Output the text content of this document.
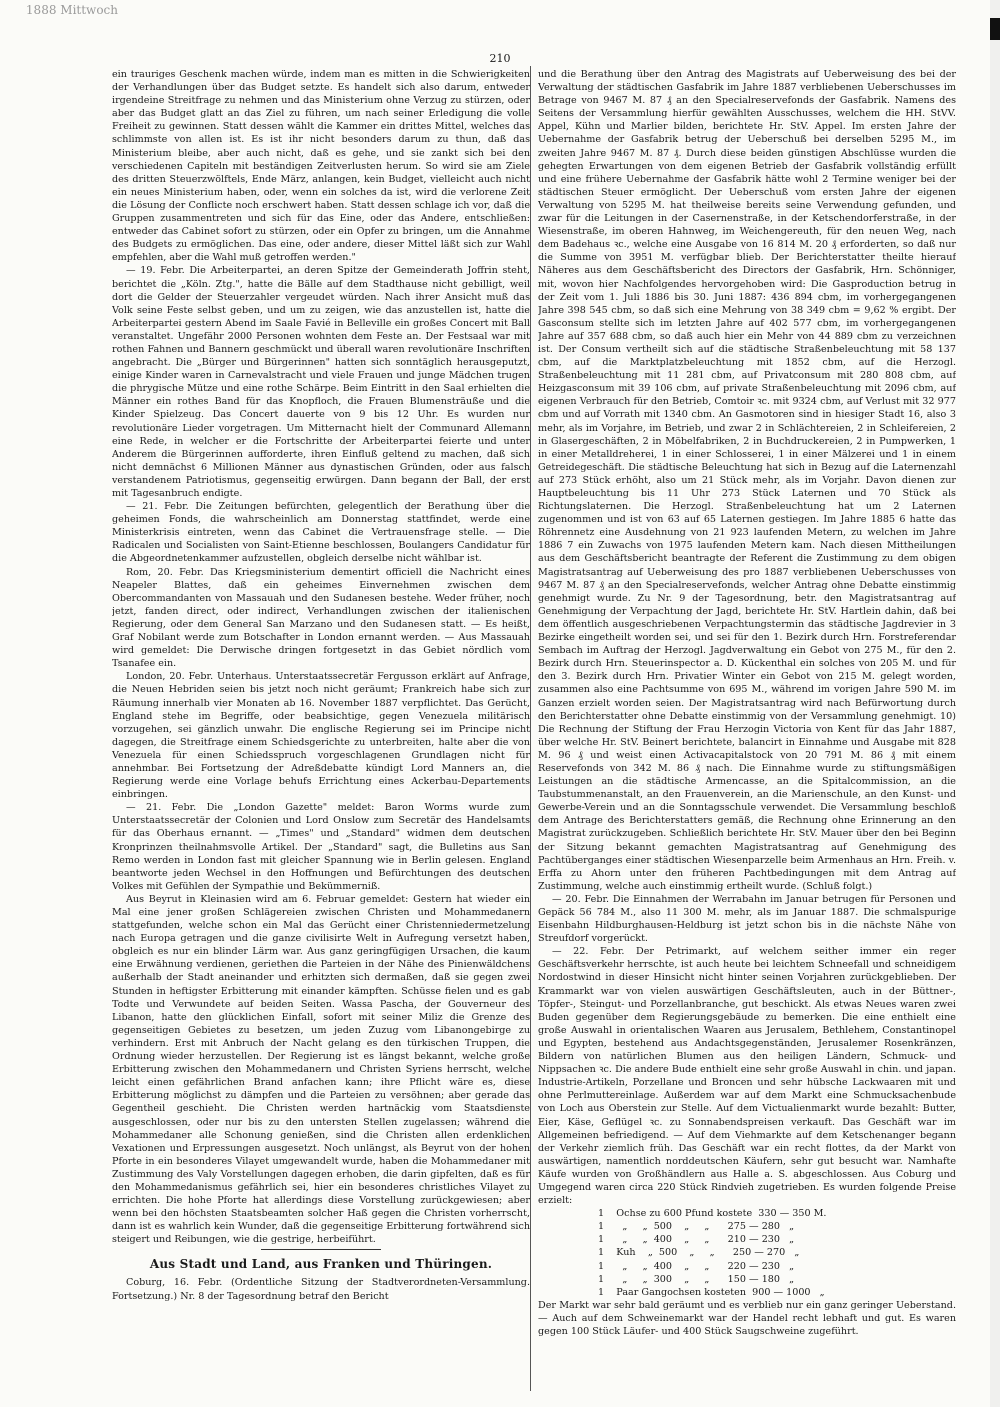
1888 Mittwoch
210

ein trauriges Geschenk machen würde, indem man es mitten in die Schwierigkeiten der Verhandlungen über das Budget setzte. Es handelt sich also darum, entweder irgendeine Streitfrage zu nehmen und das Ministerium ohne Verzug zu stürzen, oder aber das Budget glatt an das Ziel zu führen, um nach seiner Erledigung die volle Freiheit zu gewinnen. Statt dessen wählt die Kammer ein drittes Mittel, welches das schlimmste von allen ist. Es ist ihr nicht besonders darum zu thun, daß das Ministerium bleibe, aber auch nicht, daß es gehe, und sie zankt sich bei den verschiedenen Capiteln mit beständigen Zeitverlusten herum. So wird sie am Ziele des dritten Steuerzwölftels, Ende März, anlangen, kein Budget, vielleicht auch nicht ein neues Ministerium haben, oder, wenn ein solches da ist, wird die verlorene Zeit die Lösung der Conflicte noch erschwert haben. Statt dessen schlage ich vor, daß die Gruppen zusammentreten und sich für das Eine, oder das Andere, entschließen: entweder das Cabinet sofort zu stürzen, oder ein Opfer zu bringen, um die Annahme des Budgets zu ermöglichen. Das eine, oder andere, dieser Mittel läßt sich zur Wahl empfehlen, aber die Wahl muß getroffen werden."

— 19. Febr. Die Arbeiterpartei, an deren Spitze der Gemeinderath Joffrin steht, berichtet die „Köln. Ztg.", hatte die Bälle auf dem Stadthause nicht gebilligt, weil dort die Gelder der Steuerzahler vergeudet würden. Nach ihrer Ansicht muß das Volk seine Feste selbst geben, und um zu zeigen, wie das anzustellen ist, hatte die Arbeiterpartei gestern Abend im Saale Favié in Belleville ein großes Concert mit Ball veranstaltet. Ungefähr 2000 Personen wohnten dem Feste an. Der Festsaal war mit rothen Fahnen und Bannern geschmückt und überall waren revolutionäre Inschriften angebracht. Die „Bürger und Bürgerinnen" hatten sich sonntäglich herausgeputzt, einige Kinder waren in Carnevalstracht und viele Frauen und junge Mädchen trugen die phrygische Mütze und eine rothe Schärpe. Beim Eintritt in den Saal erhielten die Männer ein rothes Band für das Knopfloch, die Frauen Blumensträuße und die Kinder Spielzeug. Das Concert dauerte von 9 bis 12 Uhr. Es wurden nur revolutionäre Lieder vorgetragen. Um Mitternacht hielt der Communard Allemann eine Rede, in welcher er die Fortschritte der Arbeiterpartei feierte und unter Anderem die Bürgerinnen aufforderte, ihren Einfluß geltend zu machen, daß sich nicht demnächst 6 Millionen Männer aus dynastischen Gründen, oder aus falsch verstandenem Patriotismus, gegenseitig erwürgen. Dann begann der Ball, der erst mit Tagesanbruch endigte.

— 21. Febr. Die Zeitungen befürchten, gelegentlich der Berathung über die geheimen Fonds, die wahrscheinlich am Donnerstag stattfindet, werde eine Ministerkrisis eintreten, wenn das Cabinet die Vertrauensfrage stelle. — Die Radicalen und Socialisten von Saint-Etienne beschlossen, Boulangers Candidatur für die Abgeordnetenkammer aufzustellen, obgleich derselbe nicht wählbar ist.

Rom, 20. Febr. Das Kriegsministerium dementirt officiell die Nachricht eines Neapeler Blattes, daß ein geheimes Einvernehmen zwischen dem Obercommandanten von Massauah und den Sudanesen bestehe. Weder früher, noch jetzt, fanden direct, oder indirect, Verhandlungen zwischen der italienischen Regierung, oder dem General San Marzano und den Sudanesen statt. — Es heißt, Graf Nobilant werde zum Botschafter in London ernannt werden. — Aus Massauah wird gemeldet: Die Derwische dringen fortgesetzt in das Gebiet nördlich vom Tsanafee ein.

London, 20. Febr. Unterhaus. Unterstaatssecretär Fergusson erklärt auf Anfrage, die Neuen Hebriden seien bis jetzt noch nicht geräumt; Frankreich habe sich zur Räumung innerhalb vier Monaten ab 16. November 1887 verpflichtet. Das Gerücht, England stehe im Begriffe, oder beabsichtige, gegen Venezuela militärisch vorzugehen, sei gänzlich unwahr. Die englische Regierung sei im Principe nicht dagegen, die Streitfrage einem Schiedsgerichte zu unterbreiten, halte aber die von Venezuela für einen Schiedsspruch vorgeschlagenen Grundlagen nicht für annehmbar. Bei Fortsetzung der Adreßdebatte kündigt Lord Manners an, die Regierung werde eine Vorlage behufs Errichtung eines Ackerbau-Departements einbringen.

— 21. Febr. Die „London Gazette" meldet: Baron Worms wurde zum Unterstaatssecretär der Colonien und Lord Onslow zum Secretär des Handelsamts für das Oberhaus ernannt. — „Times" und „Standard" widmen dem deutschen Kronprinzen theilnahmsvolle Artikel. Der „Standard" sagt, die Bulletins aus San Remo werden in London fast mit gleicher Spannung wie in Berlin gelesen. England beantworte jeden Wechsel in den Hoffnungen und Befürchtungen des deutschen Volkes mit Gefühlen der Sympathie und Bekümmerniß.

Aus Beyrut in Kleinasien wird am 6. Februar gemeldet: Gestern hat wieder ein Mal eine jener großen Schlägereien zwischen Christen und Mohammedanern stattgefunden, welche schon ein Mal das Gerücht einer Christenniedermetzelung nach Europa getragen und die ganze civilisirte Welt in Aufregung versetzt haben, obgleich es nur ein blinder Lärm war. Aus ganz geringfügigen Ursachen, die kaum eine Erwähnung verdienen, geriethen die Parteien in der Nähe des Pinienwäldchens außerhalb der Stadt aneinander und erhitzten sich dermaßen, daß sie gegen zwei Stunden in heftigster Erbitterung mit einander kämpften. Schüsse fielen und es gab Todte und Verwundete auf beiden Seiten. Wassa Pascha, der Gouverneur des Libanon, hatte den glücklichen Einfall, sofort mit seiner Miliz die Grenze des gegenseitigen Gebietes zu besetzen, um jeden Zuzug vom Libanongebirge zu verhindern. Erst mit Anbruch der Nacht gelang es den türkischen Truppen, die Ordnung wieder herzustellen. Der Regierung ist es längst bekannt, welche große Erbitterung zwischen den Mohammedanern und Christen Syriens herrscht, welche leicht einen gefährlichen Brand anfachen kann; ihre Pflicht wäre es, diese Erbitterung möglichst zu dämpfen und die Parteien zu versöhnen; aber gerade das Gegentheil geschieht. Die Christen werden hartnäckig vom Staatsdienste ausgeschlossen, oder nur bis zu den untersten Stellen zugelassen; während die Mohammedaner alle Schonung genießen, sind die Christen allen erdenklichen Vexationen und Erpressungen ausgesetzt. Noch unlängst, als Beyrut von der hohen Pforte in ein besonderes Vilayet umgewandelt wurde, haben die Mohammedaner mit Zustimmung des Valy Vorstellungen dagegen erhoben, die darin gipfelten, daß es für den Mohammedanismus gefährlich sei, hier ein besonderes christliches Vilayet zu errichten. Die hohe Pforte hat allerdings diese Vorstellung zurückgewiesen; aber wenn bei den höchsten Staatsbeamten solcher Haß gegen die Christen vorherrscht, dann ist es wahrlich kein Wunder, daß die gegenseitige Erbitterung fortwährend sich steigert und Reibungen, wie die gestrige, herbeiführt.

Aus Stadt und Land, aus Franken und Thüringen.

Coburg, 16. Febr. (Ordentliche Sitzung der Stadtverordneten-Versammlung. Fortsetzung.) Nr. 8 der Tagesordnung betraf den Bericht

und die Berathung über den Antrag des Magistrats auf Ueberweisung des bei der Verwaltung der städtischen Gasfabrik im Jahre 1887 verbliebenen Ueberschusses im Betrage von 9467 M. 87 ₰ an den Specialreservefonds der Gasfabrik. Namens des Seitens der Versammlung hierfür gewählten Ausschusses, welchem die HH. StVV. Appel, Kühn und Marlier bilden, berichtete Hr. StV. Appel. Im ersten Jahre der Uebernahme der Gasfabrik betrug der Ueberschuß bei derselben 5295 M., im zweiten Jahre 9467 M. 87 ₰. Durch diese beiden günstigen Abschlüsse wurden die gehegten Erwartungen von dem eigenen Betrieb der Gasfabrik vollständig erfüllt und eine frühere Uebernahme der Gasfabrik hätte wohl 2 Termine weniger bei der städtischen Steuer ermöglicht. Der Ueberschuß vom ersten Jahre der eigenen Verwaltung von 5295 M. hat theilweise bereits seine Verwendung gefunden, und zwar für die Leitungen in der Casernenstraße, in der Ketschendorferstraße, in der Wiesenstraße, im oberen Hahnweg, im Weichengereuth, für den neuen Weg, nach dem Badehaus ꝛc., welche eine Ausgabe von 16 814 M. 20 ₰ erforderten, so daß nur die Summe von 3951 M. verfügbar blieb. Der Berichterstatter theilte hierauf Näheres aus dem Geschäftsbericht des Directors der Gasfabrik, Hrn. Schönniger, mit, wovon hier Nachfolgendes hervorgehoben wird: Die Gasproduction betrug in der Zeit vom 1. Juli 1886 bis 30. Juni 1887: 436 894 cbm, im vorhergegangenen Jahre 398 545 cbm, so daß sich eine Mehrung von 38 349 cbm = 9,62 % ergibt. Der Gasconsum stellte sich im letzten Jahre auf 402 577 cbm, im vorhergegangenen Jahre auf 357 688 cbm, so daß auch hier ein Mehr von 44 889 cbm zu verzeichnen ist. Der Consum vertheilt sich auf die städtische Straßenbeleuchtung mit 58 137 cbm, auf die Marktplatzbeleuchtung mit 1852 cbm, auf die Herzogl. Straßenbeleuchtung mit 11 281 cbm, auf Privatconsum mit 280 808 cbm, auf Heizgasconsum mit 39 106 cbm, auf private Straßenbeleuchtung mit 2096 cbm, auf eigenen Verbrauch für den Betrieb, Comtoir ꝛc. mit 9324 cbm, auf Verlust mit 32 977 cbm und auf Vorrath mit 1340 cbm. An Gasmotoren sind in hiesiger Stadt 16, also 3 mehr, als im Vorjahre, im Betrieb, und zwar 2 in Schlächtereien, 2 in Schleifereien, 2 in Glasergeschäften, 2 in Möbelfabriken, 2 in Buchdruckereien, 2 in Pumpwerken, 1 in einer Metalldreherei, 1 in einer Schlosserei, 1 in einer Mälzerei und 1 in einem Getreidegeschäft. Die städtische Beleuchtung hat sich in Bezug auf die Laternenzahl auf 273 Stück erhöht, also um 21 Stück mehr, als im Vorjahr. Davon dienen zur Hauptbeleuchtung bis 11 Uhr 273 Stück Laternen und 70 Stück als Richtungslaternen. Die Herzogl. Straßenbeleuchtung hat um 2 Laternen zugenommen und ist von 63 auf 65 Laternen gestiegen. Im Jahre 1885 6 hatte das Röhrennetz eine Ausdehnung von 21 923 laufenden Metern, zu welchen im Jahre 1886 7 ein Zuwachs von 1975 laufenden Metern kam. Nach diesen Mittheilungen aus dem Geschäftsbericht beantragte der Referent die Zustimmung zu dem obigen Magistratsantrag auf Ueberweisung des pro 1887 verbliebenen Ueberschusses von 9467 M. 87 ₰ an den Specialreservefonds, welcher Antrag ohne Debatte einstimmig genehmigt wurde. Zu Nr. 9 der Tagesordnung, betr. den Magistratsantrag auf Genehmigung der Verpachtung der Jagd, berichtete Hr. StV. Hartlein dahin, daß bei dem öffentlich ausgeschriebenen Verpachtungstermin das städtische Jagdrevier in 3 Bezirke eingetheilt worden sei, und sei für den 1. Bezirk durch Hrn. Forstreferendar Sembach im Auftrag der Herzogl. Jagdverwaltung ein Gebot von 275 M., für den 2. Bezirk durch Hrn. Steuerinspector a. D. Kückenthal ein solches von 205 M. und für den 3. Bezirk durch Hrn. Privatier Winter ein Gebot von 215 M. gelegt worden, zusammen also eine Pachtsumme von 695 M., während im vorigen Jahre 590 M. im Ganzen erzielt worden seien. Der Magistratsantrag wird nach Befürwortung durch den Berichterstatter ohne Debatte einstimmig von der Versammlung genehmigt. 10) Die Rechnung der Stiftung der Frau Herzogin Victoria von Kent für das Jahr 1887, über welche Hr. StV. Beinert berichtete, balancirt in Einnahme und Ausgabe mit 828 M. 96 ₰ und weist einen Activacapitalstock von 20 791 M. 86 ₰ mit einem Reservefonds von 342 M. 86 ₰ nach. Die Einnahme wurde zu stiftungsmäßigen Leistungen an die städtische Armencasse, an die Spitalcommission, an die Taubstummenanstalt, an den Frauenverein, an die Marienschule, an den Kunst- und Gewerbe-Verein und an die Sonntagsschule verwendet. Die Versammlung beschloß dem Antrage des Berichterstatters gemäß, die Rechnung ohne Erinnerung an den Magistrat zurückzugeben. Schließlich berichtete Hr. StV. Mauer über den bei Beginn der Sitzung bekannt gemachten Magistratsantrag auf Genehmigung des Pachtüberganges einer städtischen Wiesenparzelle beim Armenhaus an Hrn. Freih. v. Erffa zu Ahorn unter den früheren Pachtbedingungen mit dem Antrag auf Zustimmung, welche auch einstimmig ertheilt wurde. (Schluß folgt.)

— 20. Febr. Die Einnahmen der Werrabahn im Januar betrugen für Personen und Gepäck 56 784 M., also 11 300 M. mehr, als im Januar 1887. Die schmalspurige Eisenbahn Hildburghausen-Heldburg ist jetzt schon bis in die nächste Nähe von Streufdorf vorgerückt.

— 22. Febr. Der Petrimarkt, auf welchem seither immer ein reger Geschäftsverkehr herrschte, ist auch heute bei leichtem Schneefall und schneidigem Nordostwind in dieser Hinsicht nicht hinter seinen Vorjahren zurückgeblieben. Der Krammarkt war von vielen auswärtigen Geschäftsleuten, auch in der Büttner-, Töpfer-, Steingut- und Porzellanbranche, gut beschickt. Als etwas Neues waren zwei Buden gegenüber dem Regierungsgebäude zu bemerken. Die eine enthielt eine große Auswahl in orientalischen Waaren aus Jerusalem, Bethlehem, Constantinopel und Egypten, bestehend aus Andachtsgegenständen, Jerusalemer Rosenkränzen, Bildern von natürlichen Blumen aus den heiligen Ländern, Schmuck- und Nippsachen ꝛc. Die andere Bude enthielt eine sehr große Auswahl in chin. und japan. Industrie-Artikeln, Porzellane und Broncen und sehr hübsche Lackwaaren mit und ohne Perlmuttereinlage. Außerdem war auf dem Markt eine Schmucksachenbude von Loch aus Oberstein zur Stelle. Auf dem Victualienmarkt wurde bezahlt: Butter, Eier, Käse, Geflügel ꝛc. zu Sonnabendspreisen verkauft. Das Geschäft war im Allgemeinen befriedigend. — Auf dem Viehmarkte auf dem Ketschenanger begann der Verkehr ziemlich früh. Das Geschäft war ein recht flottes, da der Markt von auswärtigen, namentlich norddeutschen Käufern, sehr gut besucht war. Namhafte Käufe wurden von Großhändlern aus Halle a. S. abgeschlossen. Aus Coburg und Umgegend waren circa 220 Stück Rindvieh zugetrieben. Es wurden folgende Preise erzielt:

1    Ochse zu 600 Pfund kostete  330 — 350 M.

1      „     „  500    „     „      275 — 280   „

1      „     „  400    „     „      210 — 230   „

1    Kuh    „  500    „     „      250 — 270   „

1      „     „  400    „     „      220 — 230   „

1      „     „  300    „     „      150 — 180   „

1    Paar Gangochsen kosteten  900 — 1000   „

Der Markt war sehr bald geräumt und es verblieb nur ein ganz geringer Ueberstand. — Auch auf dem Schweinemarkt war der Handel recht lebhaft und gut. Es waren gegen 100 Stück Läufer- und 400 Stück Saugschweine zugeführt.
